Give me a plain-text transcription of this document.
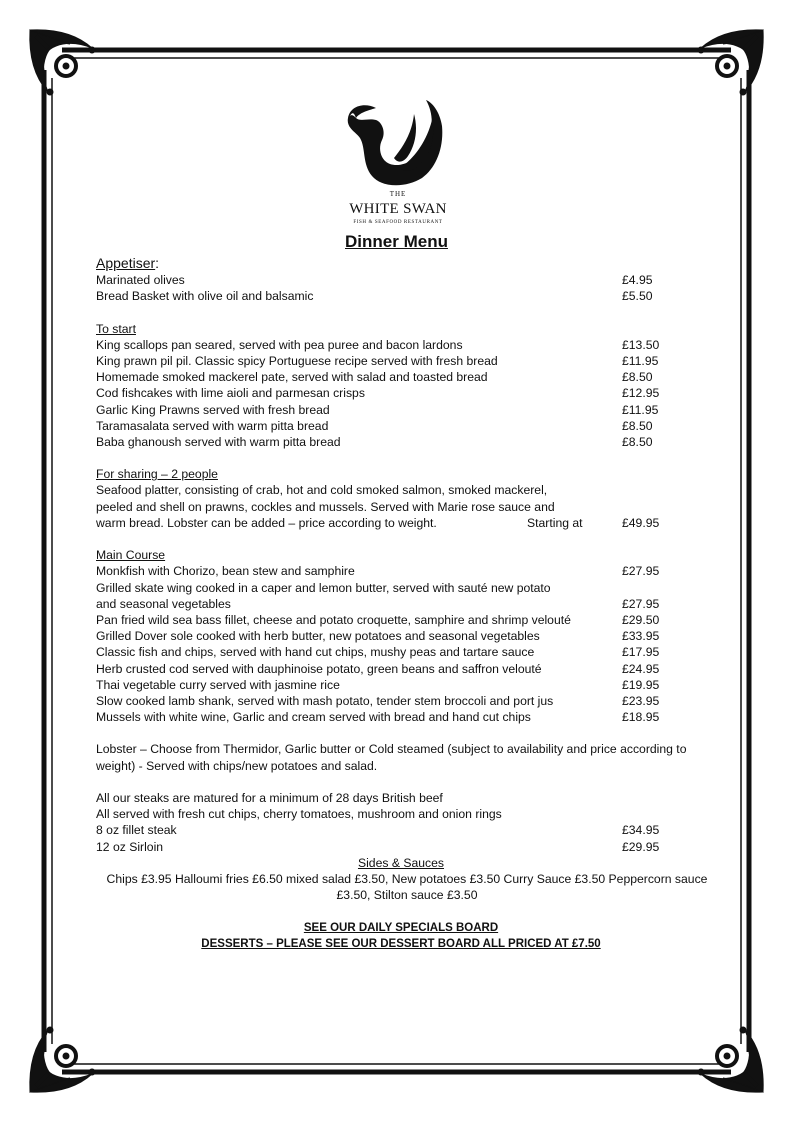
THE
WHITE SWAN
FISH & SEAFOOD RESTAURANT
Dinner Menu
Appetiser:
Marinated olives	£4.95
Bread Basket with olive oil and balsamic	£5.50
To start
King scallops pan seared, served with pea puree and bacon lardons	£13.50
King prawn pil pil. Classic spicy Portuguese recipe served with fresh bread	£11.95
Homemade smoked mackerel pate, served with salad and toasted bread	£8.50
Cod fishcakes with lime aioli and parmesan crisps	£12.95
Garlic King Prawns served with fresh bread	£11.95
Taramasalata served with warm pitta bread	£8.50
Baba ghanoush served with warm pitta bread	£8.50
For sharing – 2 people
Seafood platter, consisting of crab, hot and cold smoked salmon, smoked mackerel,
peeled and shell on prawns, cockles and mussels. Served with Marie rose sauce and
warm bread. Lobster can be added – price according to weight.	Starting at	£49.95
Main Course
Monkfish with Chorizo, bean stew and samphire	£27.95
Grilled skate wing cooked in a caper and lemon butter, served with sauté new potato
and seasonal vegetables	£27.95
Pan fried wild sea bass fillet, cheese and potato croquette, samphire and shrimp velouté	£29.50
Grilled Dover sole cooked with herb butter, new potatoes and seasonal vegetables	£33.95
Classic fish and chips, served with hand cut chips, mushy peas and tartare sauce	£17.95
Herb crusted cod served with dauphinoise potato, green beans and saffron velouté	£24.95
Thai vegetable curry served with jasmine rice	£19.95
Slow cooked lamb shank, served with mash potato, tender stem broccoli and port jus	£23.95
Mussels with white wine, Garlic and cream served with bread and hand cut chips	£18.95
Lobster – Choose from Thermidor, Garlic butter or Cold steamed (subject to availability and price according to
weight) - Served with chips/new potatoes and salad.
All our steaks are matured for a minimum of 28 days British beef
All served with fresh cut chips, cherry tomatoes, mushroom and onion rings
8 oz fillet steak	£34.95
12 oz Sirloin	£29.95
Sides & Sauces
Chips £3.95 Halloumi fries £6.50 mixed salad £3.50, New potatoes £3.50 Curry Sauce £3.50 Peppercorn sauce
£3.50, Stilton sauce £3.50
SEE OUR DAILY SPECIALS BOARD
DESSERTS – PLEASE SEE OUR DESSERT BOARD ALL PRICED AT £7.50
